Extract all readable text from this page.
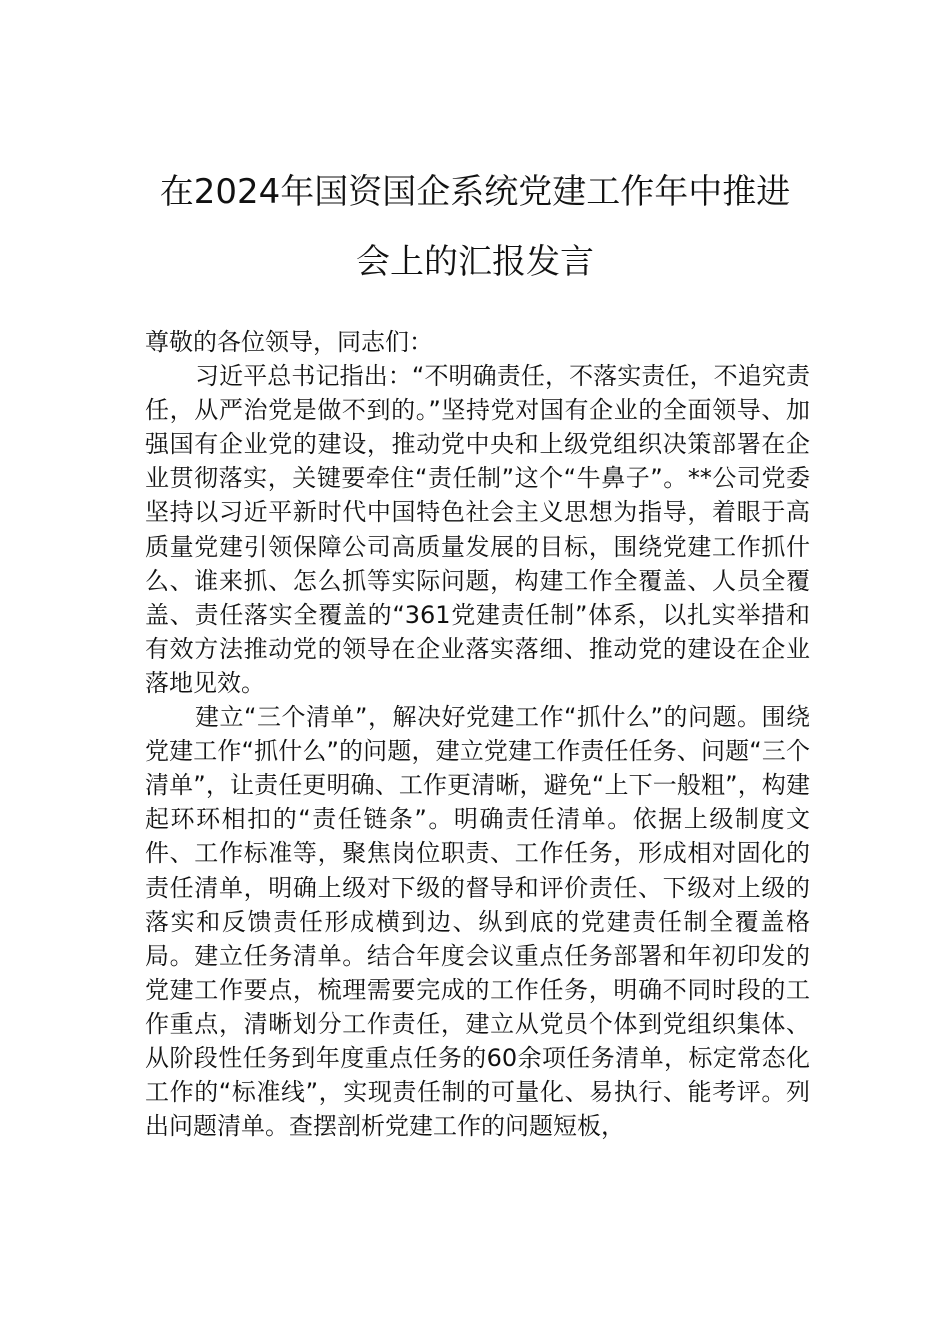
在2024年国资国企系统党建工作年中推进
会上的汇报发言

尊敬的各位领导，同志们：

习近平总书记指出：“不明确责任，不落实责任，不追究责任，从严治党是做不到的。”坚持党对国有企业的全面领导、加强国有企业党的建设，推动党中央和上级党组织决策部署在企业贯彻落实，关键要牵住“责任制”这个“牛鼻子”。**公司党委坚持以习近平新时代中国特色社会主义思想为指导，着眼于高质量党建引领保障公司高质量发展的目标，围绕党建工作抓什么、谁来抓、怎么抓等实际问题，构建工作全覆盖、人员全覆盖、责任落实全覆盖的“361党建责任制”体系，以扎实举措和有效方法推动党的领导在企业落实落细、推动党的建设在企业落地见效。

建立“三个清单”，解决好党建工作“抓什么”的问题。围绕党建工作“抓什么”的问题，建立党建工作责任任务、问题“三个清单”，让责任更明确、工作更清晰，避免“上下一般粗”，构建起环环相扣的“责任链条”。明确责任清单。依据上级制度文件、工作标准等，聚焦岗位职责、工作任务，形成相对固化的责任清单，明确上级对下级的督导和评价责任、下级对上级的落实和反馈责任形成横到边、纵到底的党建责任制全覆盖格局。建立任务清单。结合年度会议重点任务部署和年初印发的党建工作要点，梳理需要完成的工作任务，明确不同时段的工作重点，清晰划分工作责任，建立从党员个体到党组织集体、从阶段性任务到年度重点任务的60余项任务清单，标定常态化工作的“标准线”，实现责任制的可量化、易执行、能考评。列出问题清单。查摆剖析党建工作的问题短板，
